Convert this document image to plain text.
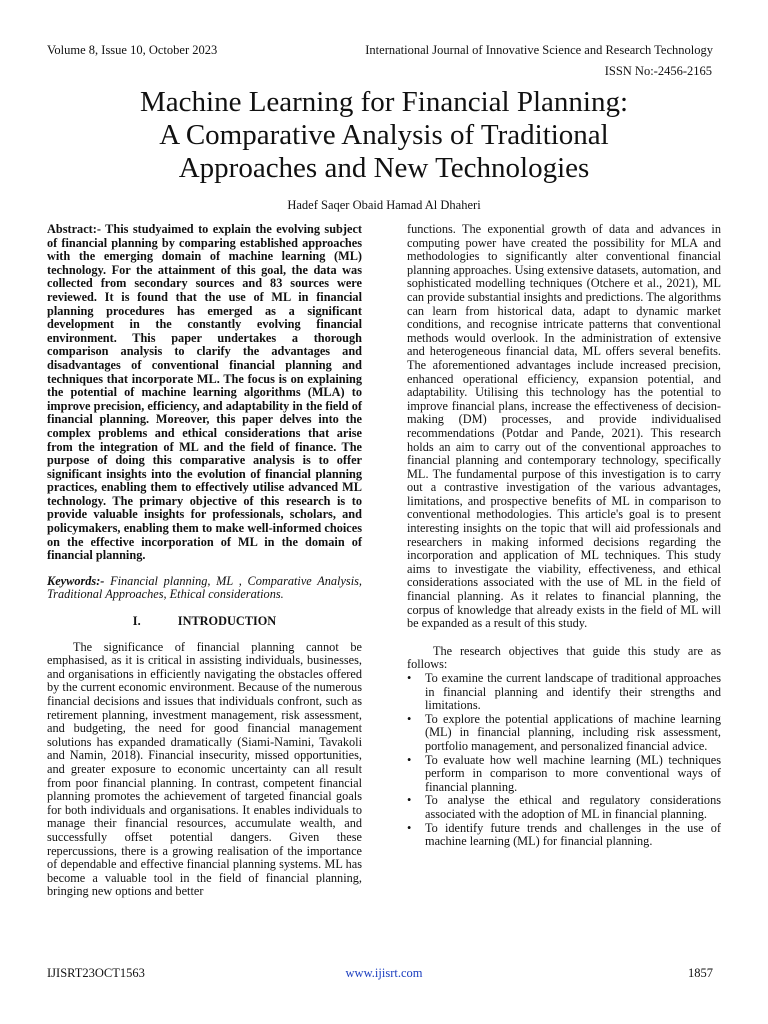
Volume 8, Issue 10, October 2023	International Journal of Innovative Science and Research Technology
ISSN No:-2456-2165
Machine Learning for Financial Planning:
A Comparative Analysis of Traditional
Approaches and New Technologies
Hadef Saqer Obaid Hamad Al Dhaheri

Abstract:- This studyaimed to explain the evolving subject of financial planning by comparing established approaches with the emerging domain of machine learning (ML) technology. For the attainment of this goal, the data was collected from secondary sources and 83 sources were reviewed. It is found that the use of ML in financial planning procedures has emerged as a significant development in the constantly evolving financial environment. This paper undertakes a thorough comparison analysis to clarify the advantages and disadvantages of conventional financial planning and techniques that incorporate ML. The focus is on explaining the potential of machine learning algorithms (MLA) to improve precision, efficiency, and adaptability in the field of financial planning. Moreover, this paper delves into the complex problems and ethical considerations that arise from the integration of ML and the field of finance. The purpose of doing this comparative analysis is to offer significant insights into the evolution of financial planning practices, enabling them to effectively utilise advanced ML technology. The primary objective of this research is to provide valuable insights for professionals, scholars, and policymakers, enabling them to make well-informed choices on the effective incorporation of ML in the domain of financial planning.

Keywords:- Financial planning, ML , Comparative Analysis, Traditional Approaches, Ethical considerations.

I.	INTRODUCTION

The significance of financial planning cannot be emphasised, as it is critical in assisting individuals, businesses, and organisations in efficiently navigating the obstacles offered by the current economic environment. Because of the numerous financial decisions and issues that individuals confront, such as retirement planning, investment management, risk assessment, and budgeting, the need for good financial management solutions has expanded dramatically (Siami-Namini, Tavakoli and Namin, 2018). Financial insecurity, missed opportunities, and greater exposure to economic uncertainty can all result from poor financial planning. In contrast, competent financial planning promotes the achievement of targeted financial goals for both individuals and organisations. It enables individuals to manage their financial resources, accumulate wealth, and successfully offset potential dangers. Given these repercussions, there is a growing realisation of the importance of dependable and effective financial planning systems. ML has become a valuable tool in the field of financial planning, bringing new options and better

functions. The exponential growth of data and advances in computing power have created the possibility for MLA and methodologies to significantly alter conventional financial planning approaches. Using extensive datasets, automation, and sophisticated modelling techniques (Otchere et al., 2021), ML can provide substantial insights and predictions. The algorithms can learn from historical data, adapt to dynamic market conditions, and recognise intricate patterns that conventional methods would overlook. In the administration of extensive and heterogeneous financial data, ML offers several benefits. The aforementioned advantages include increased precision, enhanced operational efficiency, expansion potential, and adaptability. Utilising this technology has the potential to improve financial plans, increase the effectiveness of decision-making (DM) processes, and provide individualised recommendations (Potdar and Pande, 2021). This research holds an aim to carry out of the conventional approaches to financial planning and contemporary technology, specifically ML. The fundamental purpose of this investigation is to carry out a contrastive investigation of the various advantages, limitations, and prospective benefits of ML in comparison to conventional methodologies. This article's goal is to present interesting insights on the topic that will aid professionals and researchers in making informed decisions regarding the incorporation and application of ML techniques. This study aims to investigate the viability, effectiveness, and ethical considerations associated with the use of ML in the field of financial planning. As it relates to financial planning, the corpus of knowledge that already exists in the field of ML will be expanded as a result of this study.

The research objectives that guide this study are as follows:

• To examine the current landscape of traditional approaches in financial planning and identify their strengths and limitations.
• To explore the potential applications of machine learning (ML) in financial planning, including risk assessment, portfolio management, and personalized financial advice.
• To evaluate how well machine learning (ML) techniques perform in comparison to more conventional ways of financial planning.
• To analyse the ethical and regulatory considerations associated with the adoption of ML in financial planning.
• To identify future trends and challenges in the use of machine learning (ML) for financial planning.
IJISRT23OCT1563	www.ijisrt.com	1857
